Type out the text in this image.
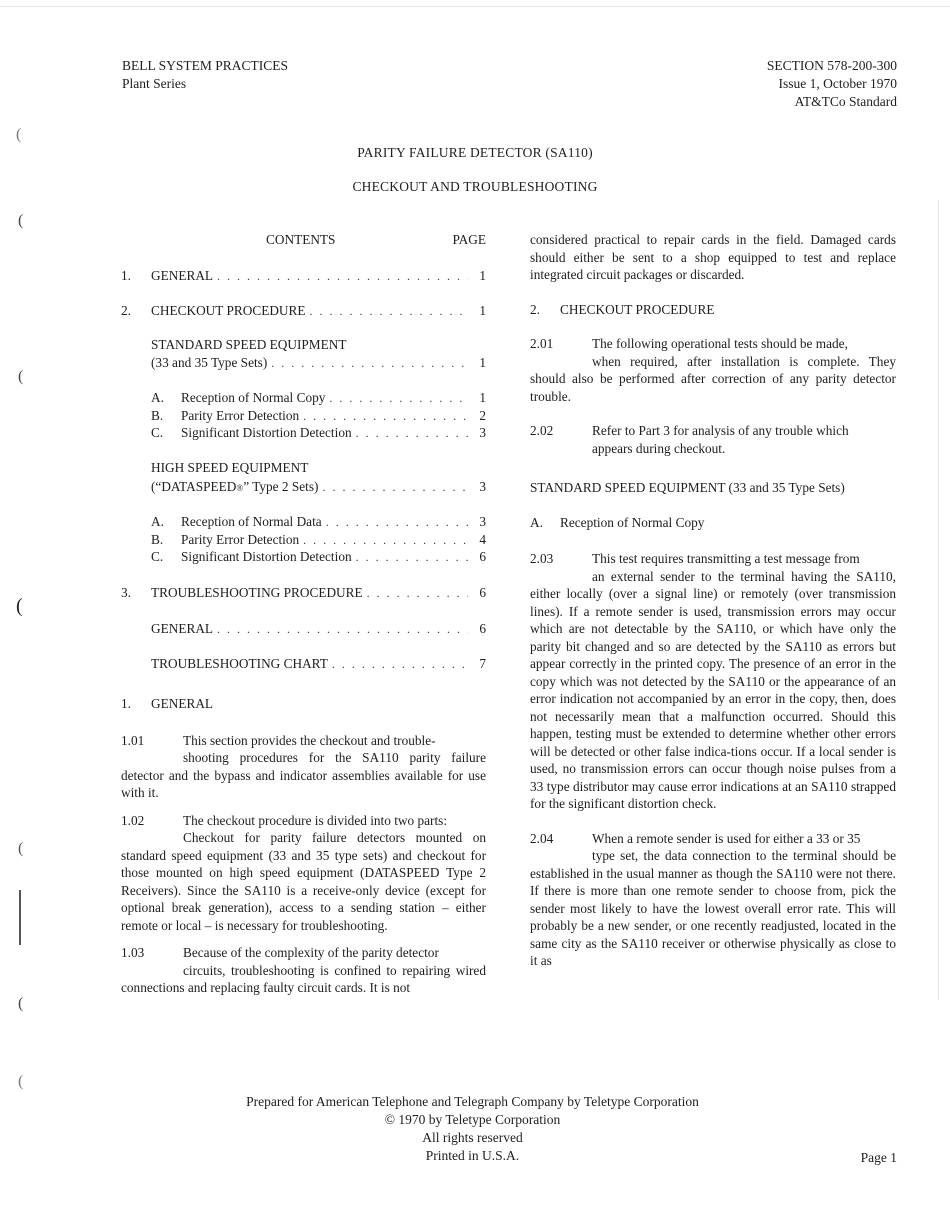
BELL SYSTEM PRACTICES
Plant Series
SECTION 578-200-300
Issue 1, October 1970
AT&TCo Standard
PARITY FAILURE DETECTOR (SA110)
CHECKOUT AND TROUBLESHOOTING
CONTENTS	PAGE
1.	GENERAL . . .	1
2.	CHECKOUT PROCEDURE . . .	1
STANDARD SPEED EQUIPMENT
(33 and 35 Type Sets) . . .	1
A.	Reception of Normal Copy . . .	1
B.	Parity Error Detection . . .	2
C.	Significant Distortion Detection . . .	3
HIGH SPEED EQUIPMENT
(“DATASPEED ® ” Type 2 Sets) . . .	3
A.	Reception of Normal Data . . .	3
B.	Parity Error Detection . . .	4
C.	Significant Distortion Detection . . .	6
3.	TROUBLESHOOTING PROCEDURE . . .	6
GENERAL . . .	6
TROUBLESHOOTING CHART . . .	7
1. GENERAL
1.01	This section provides the checkout and trouble-
shooting procedures for the SA110 parity failure detector and the bypass and indicator assemblies available for use with it.
1.02	The checkout procedure is divided into two parts:
Checkout for parity failure detectors mounted on standard speed equipment (33 and 35 type sets) and checkout for those mounted on high speed equipment (DATASPEED Type 2 Receivers). Since the SA110 is a receive-only device (except for optional break generation), access to a sending station – either remote or local – is necessary for troubleshooting.
1.03	Because of the complexity of the parity detector
circuits, troubleshooting is confined to repairing wired connections and replacing faulty circuit cards. It is not
considered practical to repair cards in the field. Damaged cards should either be sent to a shop equipped to test and replace integrated circuit packages or discarded.
2. CHECKOUT PROCEDURE
2.01	The following operational tests should be made,
when required, after installation is complete. They should also be performed after correction of any parity detector trouble.
2.02	Refer to Part 3 for analysis of any trouble which
appears during checkout.
STANDARD SPEED EQUIPMENT (33 and 35 Type Sets)
A. Reception of Normal Copy
2.03	This test requires transmitting a test message from
an external sender to the terminal having the SA110, either locally (over a signal line) or remotely (over transmission lines). If a remote sender is used, transmission errors may occur which are not detectable by the SA110, or which have only the parity bit changed and so are detected by the SA110 as errors but appear correctly in the printed copy. The presence of an error in the copy which was not detected by the SA110 or the appearance of an error indication not accompanied by an error in the copy, then, does not necessarily mean that a malfunction occurred. Should this happen, testing must be extended to determine whether other errors will be detected or other false indica-tions occur. If a local sender is used, no transmission errors can occur though noise pulses from a 33 type distributor may cause error indications at an SA110 strapped for the significant distortion check.
2.04	When a remote sender is used for either a 33 or 35
type set, the data connection to the terminal should be established in the usual manner as though the SA110 were not there. If there is more than one remote sender to choose from, pick the sender most likely to have the lowest overall error rate. This will probably be a new sender, or one recently readjusted, located in the same city as the SA110 receiver or otherwise physically as close to it as
Prepared for American Telephone and Telegraph Company by Teletype Corporation
© 1970 by Teletype Corporation
All rights reserved
Printed in U.S.A.	Page 1
(
(
(
(
(
(
(
